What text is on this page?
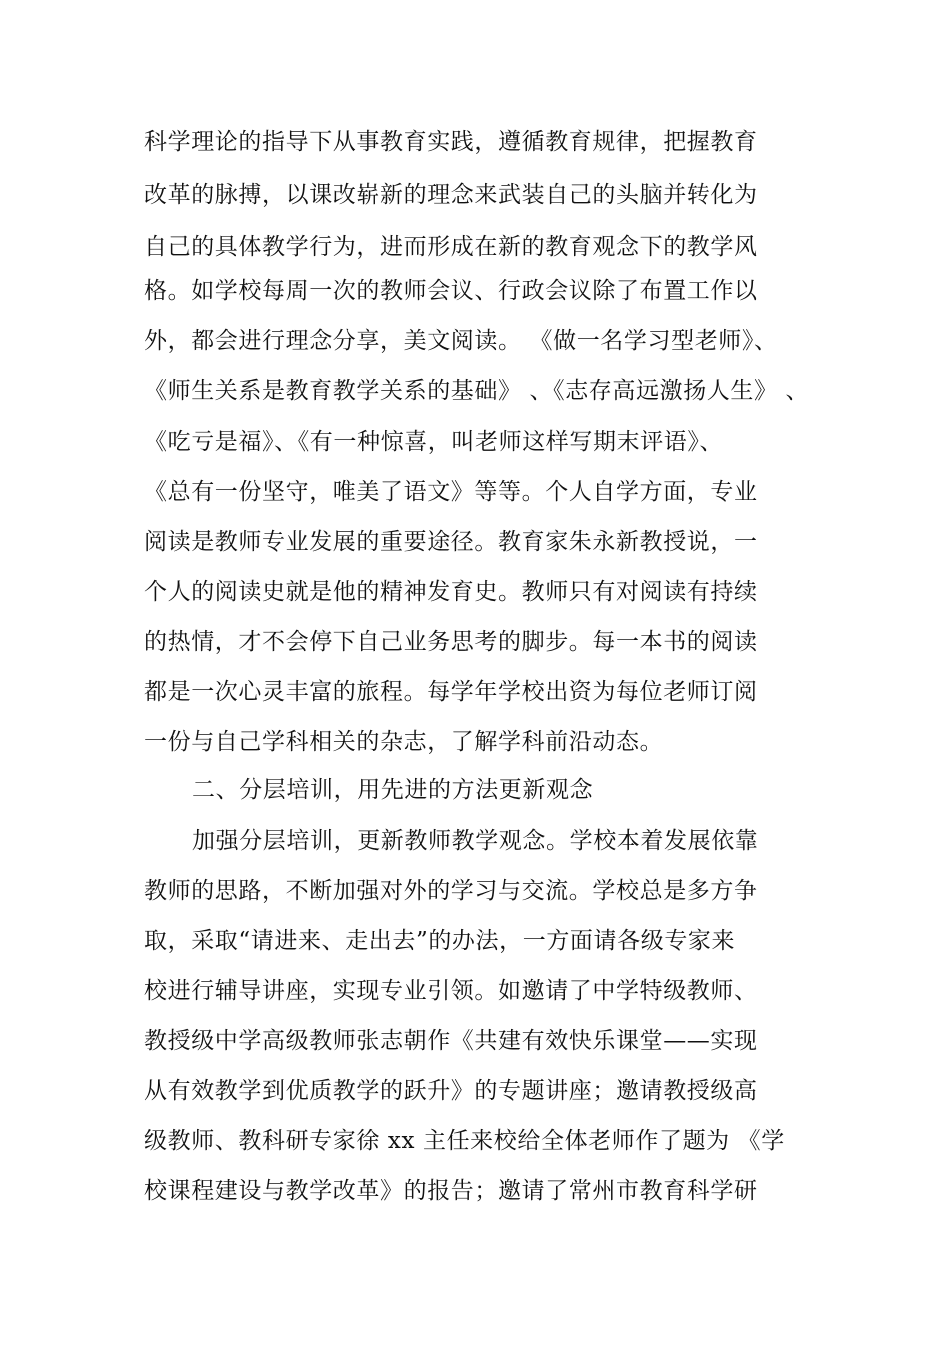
科学理论的指导下从事教育实践，遵循教育规律，把握教育
改革的脉搏，以课改崭新的理念来武装自己的头脑并转化为
自己的具体教学行为，进而形成在新的教育观念下的教学风
格。如学校每周一次的教师会议、行政会议除了布置工作以
外，都会进行理念分享，美文阅读。 《做一名学习型老师》、
《师生关系是教育教学关系的基础》 、《志存高远激扬人生》 、
《吃亏是福》、《有一种惊喜，叫老师这样写期末评语》、
《总有一份坚守，唯美了语文》等等。个人自学方面，专业
阅读是教师专业发展的重要途径。教育家朱永新教授说，一
个人的阅读史就是他的精神发育史。教师只有对阅读有持续
的热情，才不会停下自己业务思考的脚步。每一本书的阅读
都是一次心灵丰富的旅程。每学年学校出资为每位老师订阅
一份与自己学科相关的杂志，了解学科前沿动态。
二、分层培训，用先进的方法更新观念
加强分层培训，更新教师教学观念。学校本着发展依靠
教师的思路，不断加强对外的学习与交流。学校总是多方争
取，采取“请进来、走出去”的办法，一方面请各级专家来
校进行辅导讲座，实现专业引领。如邀请了中学特级教师、
教授级中学高级教师张志朝作《共建有效快乐课堂——实现
从有效教学到优质教学的跃升》的专题讲座；邀请教授级高
级教师、教科研专家徐 xx 主任来校给全体老师作了题为 《学
校课程建设与教学改革》的报告；邀请了常州市教育科学研
